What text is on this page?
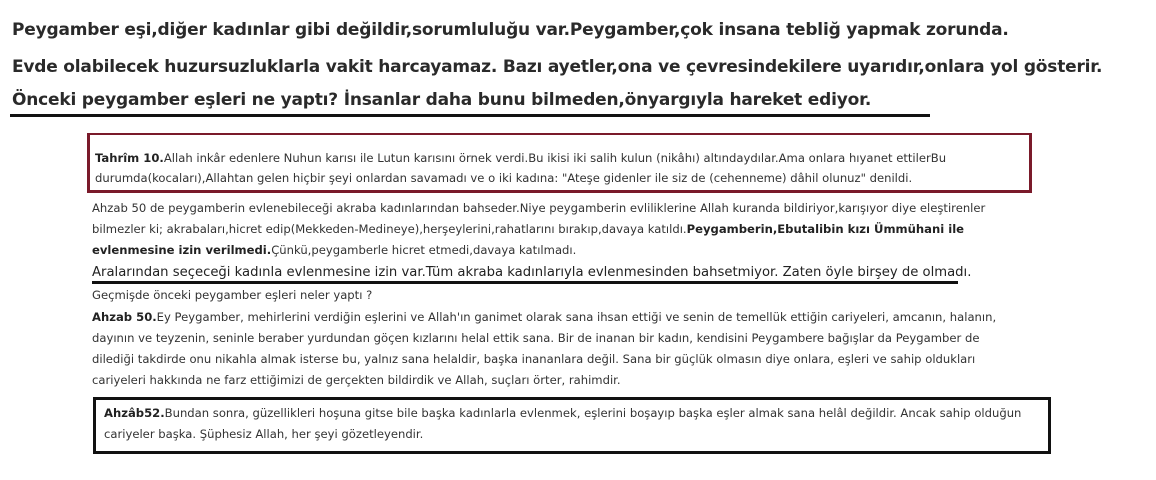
Peygamber eşi,diğer kadınlar gibi değildir,sorumluluğu var.Peygamber,çok insana tebliğ yapmak zorunda.
Evde olabilecek huzursuzluklarla vakit harcayamaz. Bazı ayetler,ona ve çevresindekilere uyarıdır,onlara yol gösterir.
Önceki peygamber eşleri ne yaptı? İnsanlar daha bunu bilmeden,önyargıyla hareket ediyor.
Tahrîm 10.Allah inkâr edenlere Nuhun karısı ile Lutun karısını örnek verdi.Bu ikisi iki salih kulun (nikâhı) altındaydılar.Ama onlara hıyanet ettilerBu
durumda(kocaları),Allahtan gelen hiçbir şeyi onlardan savamadı ve o iki kadına: "Ateşe gidenler ile siz de (cehenneme) dâhil olunuz" denildi.
Ahzab 50 de peygamberin evlenebileceği akraba kadınlarından bahseder.Niye peygamberin evliliklerine Allah kuranda bildiriyor,karışıyor diye eleştirenler
bilmezler ki; akrabaları,hicret edip(Mekkeden-Medineye),herşeylerini,rahatlarını bırakıp,davaya katıldı.Peygamberin,Ebutalibin kızı Ümmühani ile
evlenmesine izin verilmedi.Çünkü,peygamberle hicret etmedi,davaya katılmadı.
Aralarından seçeceği kadınla evlenmesine izin var.Tüm akraba kadınlarıyla evlenmesinden bahsetmiyor. Zaten öyle birşey de olmadı.
Geçmişde önceki peygamber eşleri neler yaptı ?
Ahzab 50.Ey Peygamber, mehirlerini verdiğin eşlerini ve Allah'ın ganimet olarak sana ihsan ettiği ve senin de temellük ettiğin cariyeleri, amcanın, halanın,
dayının ve teyzenin, seninle beraber yurdundan göçen kızlarını helal ettik sana. Bir de inanan bir kadın, kendisini Peygambere bağışlar da Peygamber de
dilediği takdirde onu nikahla almak isterse bu, yalnız sana helaldir, başka inananlara değil. Sana bir güçlük olmasın diye onlara, eşleri ve sahip oldukları
cariyeleri hakkında ne farz ettiğimizi de gerçekten bildirdik ve Allah, suçları örter, rahimdir.
Ahzâb52.Bundan sonra, güzellikleri hoşuna gitse bile başka kadınlarla evlenmek, eşlerini boşayıp başka eşler almak sana helâl değildir. Ancak sahip olduğun
cariyeler başka. Şüphesiz Allah, her şeyi gözetleyendir.
